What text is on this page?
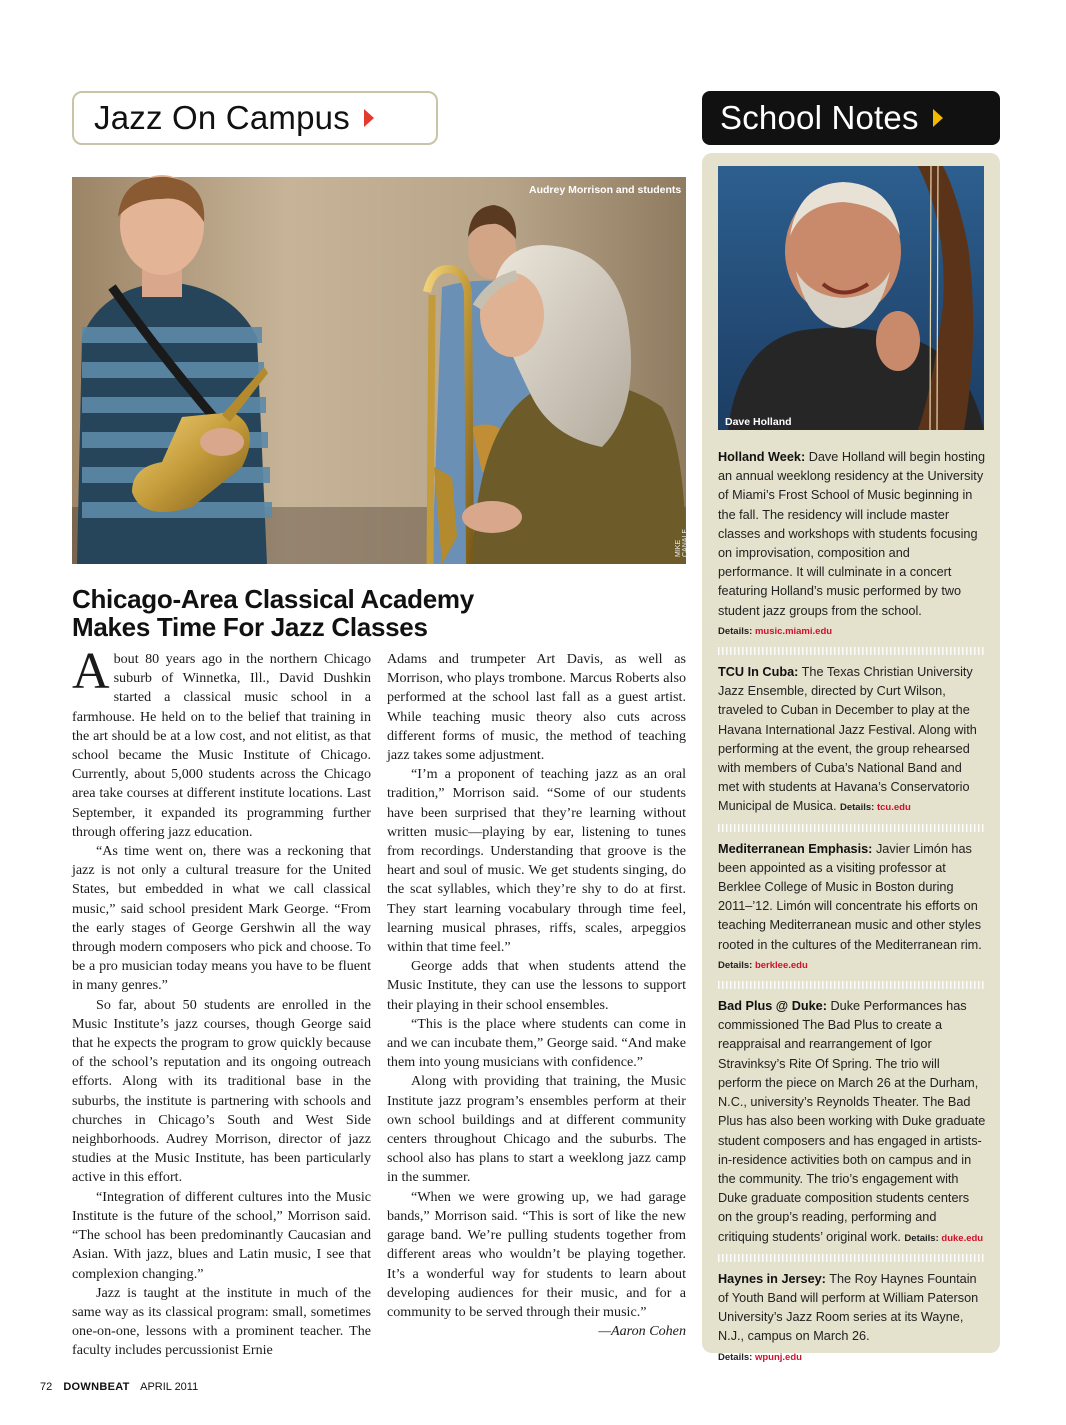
Jazz On Campus	School Notes
Audrey Morrison and students
MIKE CANALE
Chicago-Area Classical Academy
Makes Time For Jazz Classes

About 80 years ago in the northern Chicago suburb of Winnetka, Ill., David Dushkin started a classical music school in a farmhouse. He held on to the belief that training in the art should be at a low cost, and not elitist, as that school became the Music Institute of Chicago. Currently, about 5,000 students across the Chicago area take courses at different institute locations. Last September, it expanded its programming further through offering jazz education.

“As time went on, there was a reckoning that jazz is not only a cultural treasure for the United States, but embedded in what we call classical music,” said school president Mark George. “From the early stages of George Gershwin all the way through modern composers who pick and choose. To be a pro musician today means you have to be fluent in many genres.”

So far, about 50 students are enrolled in the Music Institute’s jazz courses, though George said that he expects the program to grow quickly because of the school’s reputation and its ongoing outreach efforts. Along with its traditional base in the suburbs, the institute is partnering with schools and churches in Chicago’s South and West Side neighborhoods. Audrey Morrison, director of jazz studies at the Music Institute, has been particularly active in this effort.

“Integration of different cultures into the Music Institute is the future of the school,” Morrison said. “The school has been predominantly Caucasian and Asian. With jazz, blues and Latin music, I see that complexion changing.”

Jazz is taught at the institute in much of the same way as its classical program: small, sometimes one-on-one, lessons with a prominent teacher. The faculty includes percussionist Ernie

Adams and trumpeter Art Davis, as well as Morrison, who plays trombone. Marcus Roberts also performed at the school last fall as a guest artist. While teaching music theory also cuts across different forms of music, the method of teaching jazz takes some adjustment.

“I’m a proponent of teaching jazz as an oral tradition,” Morrison said. “Some of our students have been surprised that they’re learning without written music—playing by ear, listening to tunes from recordings. Understanding that groove is the heart and soul of music. We get students singing, do the scat syllables, which they’re shy to do at first. They start learning vocabulary through time feel, learning musical phrases, riffs, scales, arpeggios within that time feel.”

George adds that when students attend the Music Institute, they can use the lessons to support their playing in their school ensembles.

“This is the place where students can come in and we can incubate them,” George said. “And make them into young musicians with confidence.”

Along with providing that training, the Music Institute jazz program’s ensembles perform at their own school buildings and at different community centers throughout Chicago and the suburbs. The school also has plans to start a weeklong jazz camp in the summer.

“When we were growing up, we had garage bands,” Morrison said. “This is sort of like the new garage band. We’re pulling students together from different areas who wouldn’t be playing together. It’s a wonderful way for students to learn about developing audiences for their music, and for a community to be served through their music.”
—Aaron Cohen

Dave Holland

Holland Week: Dave Holland will begin hosting an annual weeklong residency at the University of Miami’s Frost School of Music beginning in the fall. The residency will include master classes and workshops with students focusing on improvisation, composition and performance. It will culminate in a concert featuring Holland’s music performed by two student jazz groups from the school.
Details: music.miami.edu

TCU In Cuba: The Texas Christian University Jazz Ensemble, directed by Curt Wilson, traveled to Cuban in December to play at the Havana International Jazz Festival. Along with performing at the event, the group rehearsed with members of Cuba’s National Band and met with students at Havana’s Conservatorio Municipal de Musica. Details: tcu.edu

Mediterranean Emphasis: Javier Limón has been appointed as a visiting professor at Berklee College of Music in Boston during 2011–’12. Limón will concentrate his efforts on teaching Mediterranean music and other styles rooted in the cultures of the Mediterranean rim. Details: berklee.edu

Bad Plus @ Duke: Duke Performances has commissioned The Bad Plus to create a reappraisal and rearrangement of Igor Stravinksy’s Rite Of Spring. The trio will perform the piece on March 26 at the Durham, N.C., university’s Reynolds Theater. The Bad Plus has also been working with Duke graduate student composers and has engaged in artists-in-residence activities both on campus and in the community. The trio’s engagement with Duke graduate composition students centers on the group’s reading, performing and critiquing students’ original work. Details: duke.edu

Haynes in Jersey: The Roy Haynes Fountain of Youth Band will perform at William Paterson University’s Jazz Room series at its Wayne, N.J., campus on March 26.
Details: wpunj.edu

72 DOWNBEAT APRIL 2011
